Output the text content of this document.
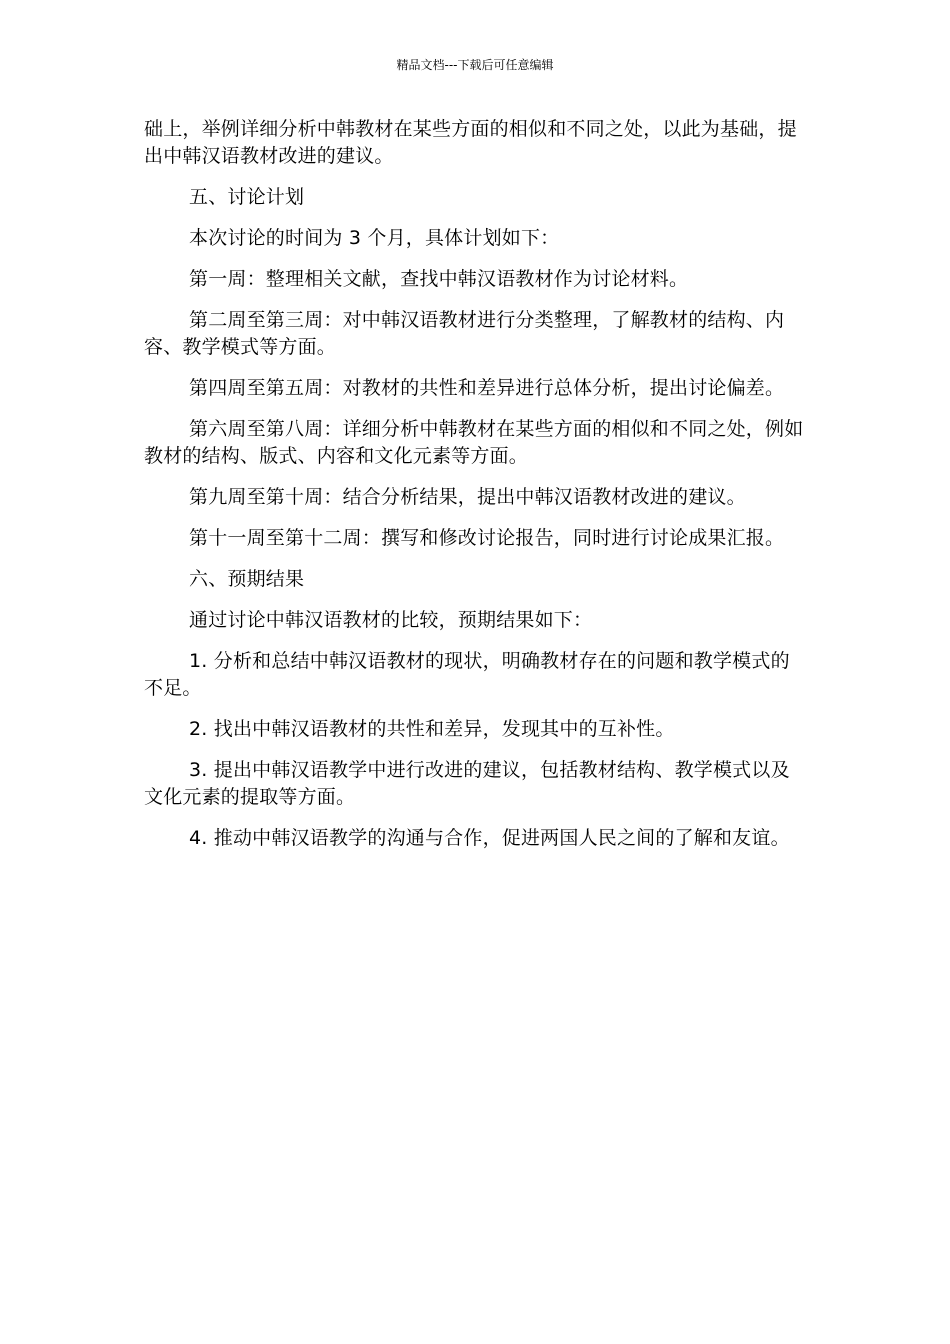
精品文档---下载后可任意编辑

础上，举例详细分析中韩教材在某些方面的相似和不同之处，以此为基础，提出中韩汉语教材改进的建议。

五、讨论计划

本次讨论的时间为 3 个月，具体计划如下：

第一周：整理相关文献，查找中韩汉语教材作为讨论材料。

第二周至第三周：对中韩汉语教材进行分类整理，了解教材的结构、内容、教学模式等方面。

第四周至第五周：对教材的共性和差异进行总体分析，提出讨论偏差。

第六周至第八周：详细分析中韩教材在某些方面的相似和不同之处，例如教材的结构、版式、内容和文化元素等方面。

第九周至第十周：结合分析结果，提出中韩汉语教材改进的建议。

第十一周至第十二周：撰写和修改讨论报告，同时进行讨论成果汇报。

六、预期结果

通过讨论中韩汉语教材的比较，预期结果如下：

1. 分析和总结中韩汉语教材的现状，明确教材存在的问题和教学模式的不足。

2. 找出中韩汉语教材的共性和差异，发现其中的互补性。

3. 提出中韩汉语教学中进行改进的建议，包括教材结构、教学模式以及文化元素的提取等方面。

4. 推动中韩汉语教学的沟通与合作，促进两国人民之间的了解和友谊。
